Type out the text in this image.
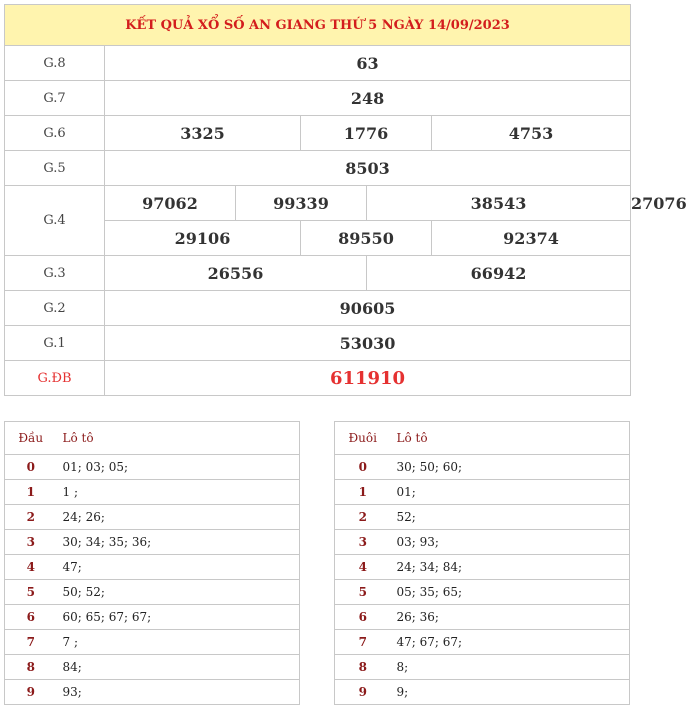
KẾT QUẢ XỔ SỐ AN GIANG THỨ 5 NGÀY 14/09/2023						
G.8	63					
G.7	248					
G.6	3325		1776		4753	
G.5	8503					
G.4	97062	99339		38543		27076
	29106		89550		92374	
G.3	26556			66942		
G.2	90605					
G.1	53030					
G.ĐB	611910					
Đầu	Lô tô
0	01; 03; 05;
1	1 ;
2	24; 26;
3	30; 34; 35; 36;
4	47;
5	50; 52;
6	60; 65; 67; 67;
7	7 ;
8	84;
9	93;
Đuôi	Lô tô
0	30; 50; 60;
1	01;
2	52;
3	03; 93;
4	24; 34; 84;
5	05; 35; 65;
6	26; 36;
7	47; 67; 67;
8	8;
9	9;
